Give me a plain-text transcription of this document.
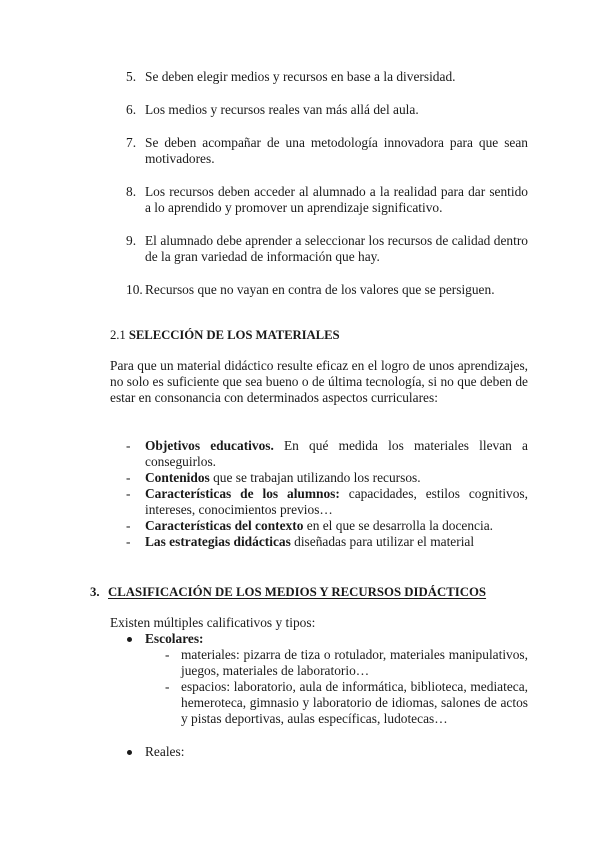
5. Se deben elegir medios y recursos en base a la diversidad.
6. Los medios y recursos reales van más allá del aula.
7. Se deben acompañar de una metodología innovadora para que sean motivadores.
8. Los recursos deben acceder al alumnado a la realidad para dar sentido a lo aprendido y promover un aprendizaje significativo.
9. El alumnado debe aprender a seleccionar los recursos de calidad dentro de la gran variedad de información que hay.
10. Recursos que no vayan en contra de los valores que se persiguen.
2.1 SELECCIÓN DE LOS MATERIALES

Para que un material didáctico resulte eficaz en el logro de unos aprendizajes, no solo es suficiente que sea bueno o de última tecnología, si no que deben de estar en consonancia con determinados aspectos curriculares:

- Objetivos educativos. En qué medida los materiales llevan a conseguirlos.
- Contenidos que se trabajan utilizando los recursos.
- Características de los alumnos: capacidades, estilos cognitivos, intereses, conocimientos previos…
- Características del contexto en el que se desarrolla la docencia.
- Las estrategias didácticas diseñadas para utilizar el material
3. CLASIFICACIÓN DE LOS MEDIOS Y RECURSOS DIDÁCTICOS
Existen múltiples calificativos y tipos:
Escolares:
- materiales: pizarra de tiza o rotulador, materiales manipulativos, juegos, materiales de laboratorio…
- espacios: laboratorio, aula de informática, biblioteca, mediateca, hemeroteca, gimnasio y laboratorio de idiomas, salones de actos y pistas deportivas, aulas específicas, ludotecas…
Reales:
